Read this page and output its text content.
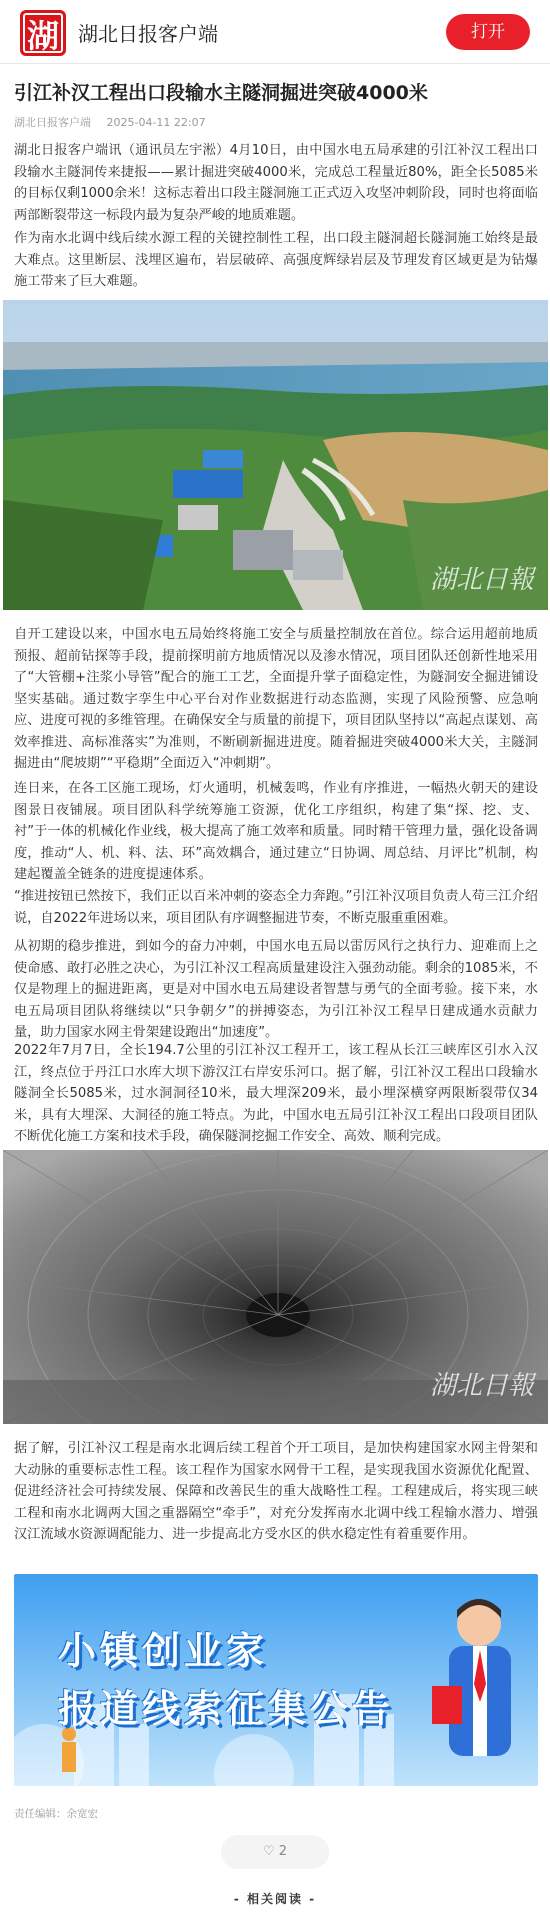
湖 湖北日报客户端	打开
引江补汉工程出口段输水主隧洞掘进突破4000米
湖北日报客户端 2025-04-11 22:07
湖北日报客户端讯（通讯员左宇淞）4月10日，由中国水电五局承建的引江补汉工程出口段输水主隧洞传来捷报——累计掘进突破4000米，完成总工程量近80%，距全长5085米的目标仅剩1000余米！这标志着出口段主隧洞施工正式迈入攻坚冲刺阶段，同时也将面临两部断裂带这一标段内最为复杂严峻的地质难题。
作为南水北调中线后续水源工程的关键控制性工程，出口段主隧洞超长隧洞施工始终是最大难点。这里断层、浅埋区遍布，岩层破碎、高强度辉绿岩层及节理发育区域更是为钻爆施工带来了巨大难题。
湖北日報
自开工建设以来，中国水电五局始终将施工安全与质量控制放在首位。综合运用超前地质预报、超前钻探等手段，提前探明前方地质情况以及渗水情况，项目团队还创新性地采用了“大管棚+注浆小导管”配合的施工工艺，全面提升掌子面稳定性，为隧洞安全掘进铺设坚实基础。通过数字孪生中心平台对作业数据进行动态监测，实现了风险预警、应急响应、进度可视的多维管理。在确保安全与质量的前提下，项目团队坚持以“高起点谋划、高效率推进、高标准落实”为准则，不断刷新掘进进度。随着掘进突破4000米大关，主隧洞掘进由“爬坡期”“平稳期”全面迈入“冲刺期”。
连日来，在各工区施工现场，灯火通明，机械轰鸣，作业有序推进，一幅热火朝天的建设图景日夜铺展。项目团队科学统筹施工资源，优化工序组织，构建了集“探、挖、支、衬”于一体的机械化作业线，极大提高了施工效率和质量。同时精干管理力量，强化设备调度，推动“人、机、料、法、环”高效耦合，通过建立“日协调、周总结、月评比”机制，构建起覆盖全链条的进度提速体系。
“推进按钮已然按下，我们正以百米冲刺的姿态全力奔跑。”引江补汉项目负责人苟三江介绍说，自2022年进场以来，项目团队有序调整掘进节奏，不断克服重重困难。
从初期的稳步推进，到如今的奋力冲刺，中国水电五局以雷厉风行之执行力、迎难而上之使命感、敢打必胜之决心，为引江补汉工程高质量建设注入强劲动能。剩余的1085米，不仅是物理上的掘进距离，更是对中国水电五局建设者智慧与勇气的全面考验。接下来，水电五局项目团队将继续以“只争朝夕”的拼搏姿态，为引江补汉工程早日建成通水贡献力量，助力国家水网主骨架建设跑出“加速度”。
2022年7月7日，全长194.7公里的引江补汉工程开工，该工程从长江三峡库区引水入汉江，终点位于丹江口水库大坝下游汉江右岸安乐河口。据了解，引江补汉工程出口段输水隧洞全长5085米，过水洞洞径10米，最大埋深209米，最小埋深横穿两限断裂带仅34米，具有大埋深、大洞径的施工特点。为此，中国水电五局引江补汉工程出口段项目团队不断优化施工方案和技术手段，确保隧洞挖掘工作安全、高效、顺利完成。
湖北日報
据了解，引江补汉工程是南水北调后续工程首个开工项目，是加快构建国家水网主骨架和大动脉的重要标志性工程。该工程作为国家水网骨干工程，是实现我国水资源优化配置、促进经济社会可持续发展、保障和改善民生的重大战略性工程。工程建成后，将实现三峡工程和南水北调两大国之重器隔空“牵手”，对充分发挥南水北调中线工程输水潜力、增强汉江流域水资源调配能力、进一步提高北方受水区的供水稳定性有着重要作用。
小镇创业家
报道线索征集公告
责任编辑：余宽宏
♡ 2
- 相关阅读 -
